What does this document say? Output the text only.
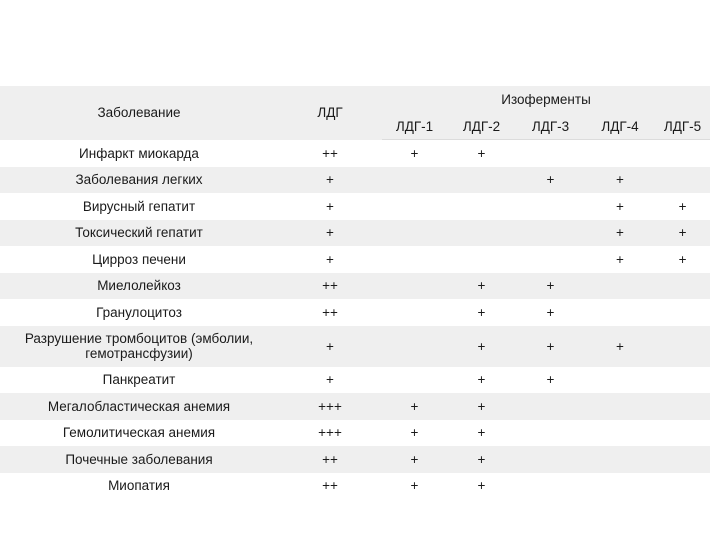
Заболевание	ЛДГ	Изоферменты				
		ЛДГ-1	ЛДГ-2	ЛДГ-3	ЛДГ-4	ЛДГ-5
Инфаркт миокарда	++	+	+			
Заболевания легких	+			+	+	
Вирусный гепатит	+				+	+
Токсический гепатит	+				+	+
Цирроз печени	+				+	+
Миелолейкоз	++		+	+		
Гранулоцитоз	++		+	+		
Разрушение тромбоцитов (эмболии, гемотрансфузии)	+		+	+	+	
Панкреатит	+		+	+		
Мегалобластическая анемия	+++	+	+			
Гемолитическая анемия	+++	+	+			
Почечные заболевания	++	+	+			
Миопатия	++	+	+			
